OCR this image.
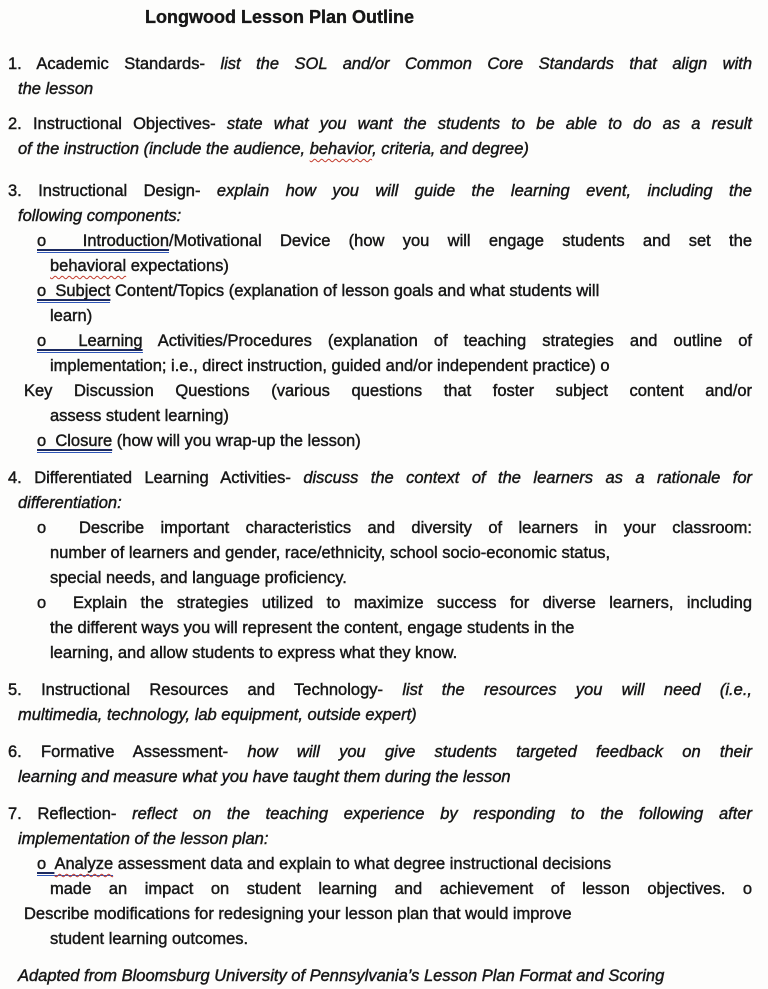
Longwood Lesson Plan Outline
1. Academic Standards- list the SOL and/or Common Core Standards that align with
the lesson
2. Instructional Objectives- state what you want the students to be able to do as a result
of the instruction (include the audience, behavior, criteria, and degree)
3. Instructional Design- explain how you will guide the learning event, including the
following components:
o  Introduction/Motivational Device (how you will engage students and set the
behavioral expectations)
o  Subject Content/Topics (explanation of lesson goals and what students will
learn)
o  Learning Activities/Procedures (explanation of teaching strategies and outline of
implementation; i.e., direct instruction, guided and/or independent practice) o
Key Discussion Questions (various questions that foster subject content and/or
assess student learning)
o  Closure (how will you wrap-up the lesson)
4. Differentiated Learning Activities- discuss the context of the learners as a rationale for
differentiation:
o  Describe important characteristics and diversity of learners in your classroom:
number of learners and gender, race/ethnicity, school socio-economic status,
special needs, and language proficiency.
o  Explain the strategies utilized to maximize success for diverse learners, including
the different ways you will represent the content, engage students in the
learning, and allow students to express what they know.
5. Instructional Resources and Technology- list the resources you will need (i.e.,
multimedia, technology, lab equipment, outside expert)
6. Formative Assessment- how will you give students targeted feedback on their
learning and measure what you have taught them during the lesson
7. Reflection- reflect on the teaching experience by responding to the following after
implementation of the lesson plan:
o  Analyze assessment data and explain to what degree instructional decisions
made an impact on student learning and achievement of lesson objectives. o
Describe modifications for redesigning your lesson plan that would improve
student learning outcomes.
Adapted from Bloomsburg University of Pennsylvania’s Lesson Plan Format and Scoring
